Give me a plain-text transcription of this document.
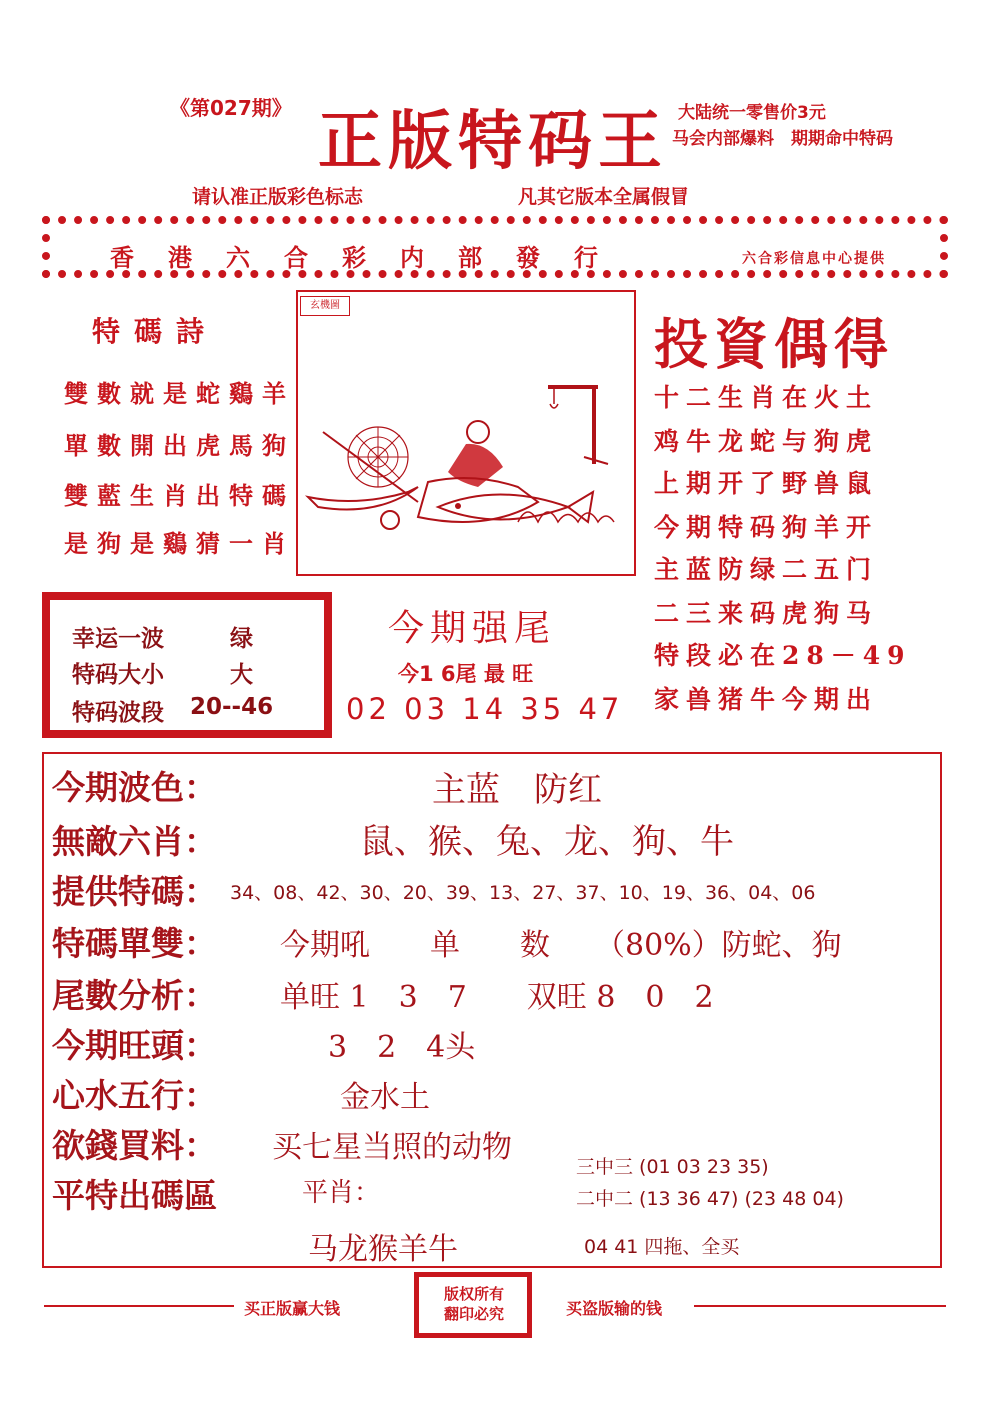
《第027期》 正版特码王 大陆统一零售价3元
马会内部爆料　期期命中特码
请认准正版彩色标志	凡其它版本全属假冒
香港六合彩内部發行	六合彩信息中心提供
特碼詩
雙數就是蛇鷄羊
單數開出虎馬狗
雙藍生肖出特碼
是狗是鷄猜一肖
玄機圖
投資偶得
十二生肖在火土
鸡牛龙蛇与狗虎
上期开了野兽鼠
今期特码狗羊开
主蓝防绿二五门
二三来码虎狗马
特段必在28－49
家兽猪牛今期出
幸运一波	绿
特码大小	大
特码波段 20--46
今期强尾
今1 6尾 最 旺
02 03 14 35 47
今期波色：	主蓝　防红
無敵六肖：	鼠、猴、兔、龙、狗、牛
提供特碼： 34、08、42、30、20、39、13、27、37、10、19、36、04、06
特碼單雙： 今期吼　　单　　数　　（80%）防蛇、狗
尾數分析： 单旺 1　3　7　　双旺 8　0　2
今期旺頭：	3　2　4头
心水五行：	金水土
欲錢買料： 买七星当照的动物
平特出碼區	平肖：
马龙猴羊牛
三中三 (01 03 23 35)
二中二 (13 36 47) (23 48 04)
04 41 四拖、全买
买正版赢大钱
版权所有
翻印必究	买盗版输的钱
